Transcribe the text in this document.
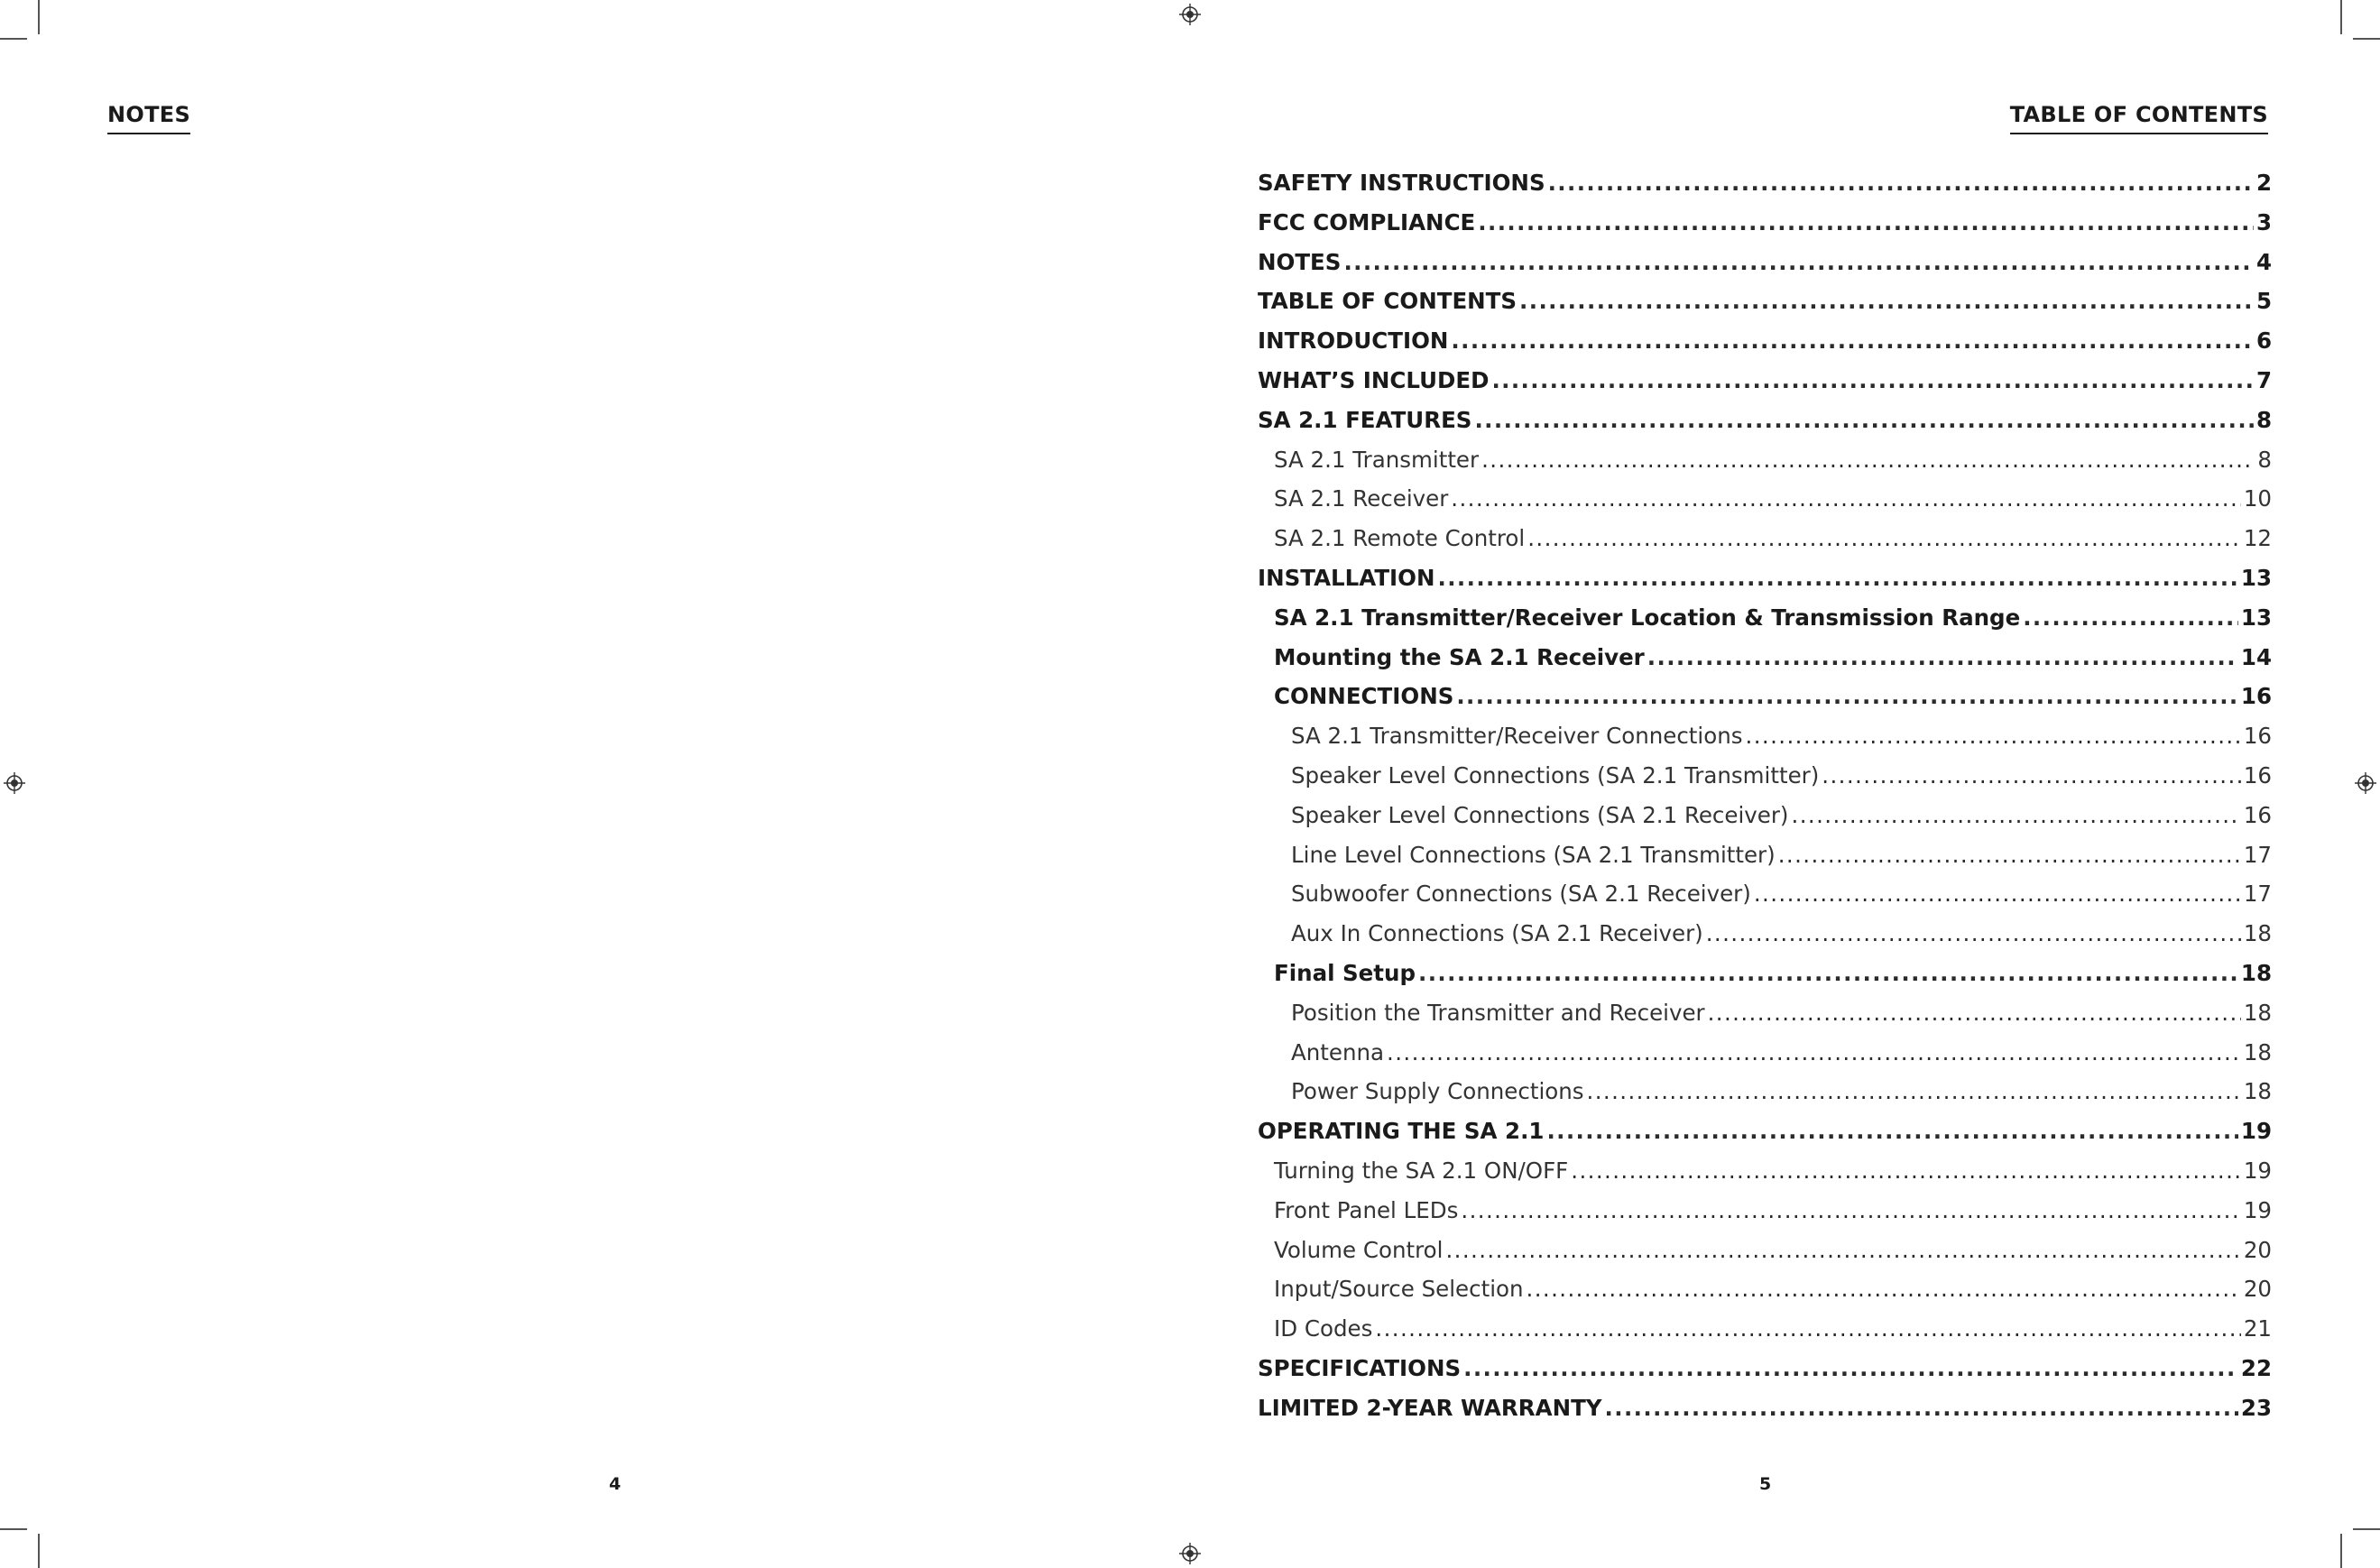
NOTES
4
TABLE OF CONTENTS
SAFETY INSTRUCTIONS .....	2
FCC COMPLIANCE .....	3
NOTES .....	4
TABLE OF CONTENTS .....	5
INTRODUCTION .....	6
WHAT’S INCLUDED .....	7
SA 2.1 FEATURES .....	8
SA 2.1 Transmitter .....	8
SA 2.1 Receiver .....	10
SA 2.1 Remote Control .....	12
INSTALLATION .....	13
SA 2.1 Transmitter/Receiver Location & Transmission Range .....	13
Mounting the SA 2.1 Receiver .....	14
CONNECTIONS .....	16
SA 2.1 Transmitter/Receiver Connections .....	16
Speaker Level Connections (SA 2.1 Transmitter) .....	16
Speaker Level Connections (SA 2.1 Receiver) .....	16
Line Level Connections (SA 2.1 Transmitter) .....	17
Subwoofer Connections (SA 2.1 Receiver) .....	17
Aux In Connections (SA 2.1 Receiver) .....	18
Final Setup .....	18
Position the Transmitter and Receiver .....	18
Antenna .....	18
Power Supply Connections .....	18
OPERATING THE SA 2.1 .....	19
Turning the SA 2.1 ON/OFF .....	19
Front Panel LEDs .....	19
Volume Control .....	20
Input/Source Selection .....	20
ID Codes .....	21
SPECIFICATIONS .....	22
LIMITED 2-YEAR WARRANTY .....	23
5
